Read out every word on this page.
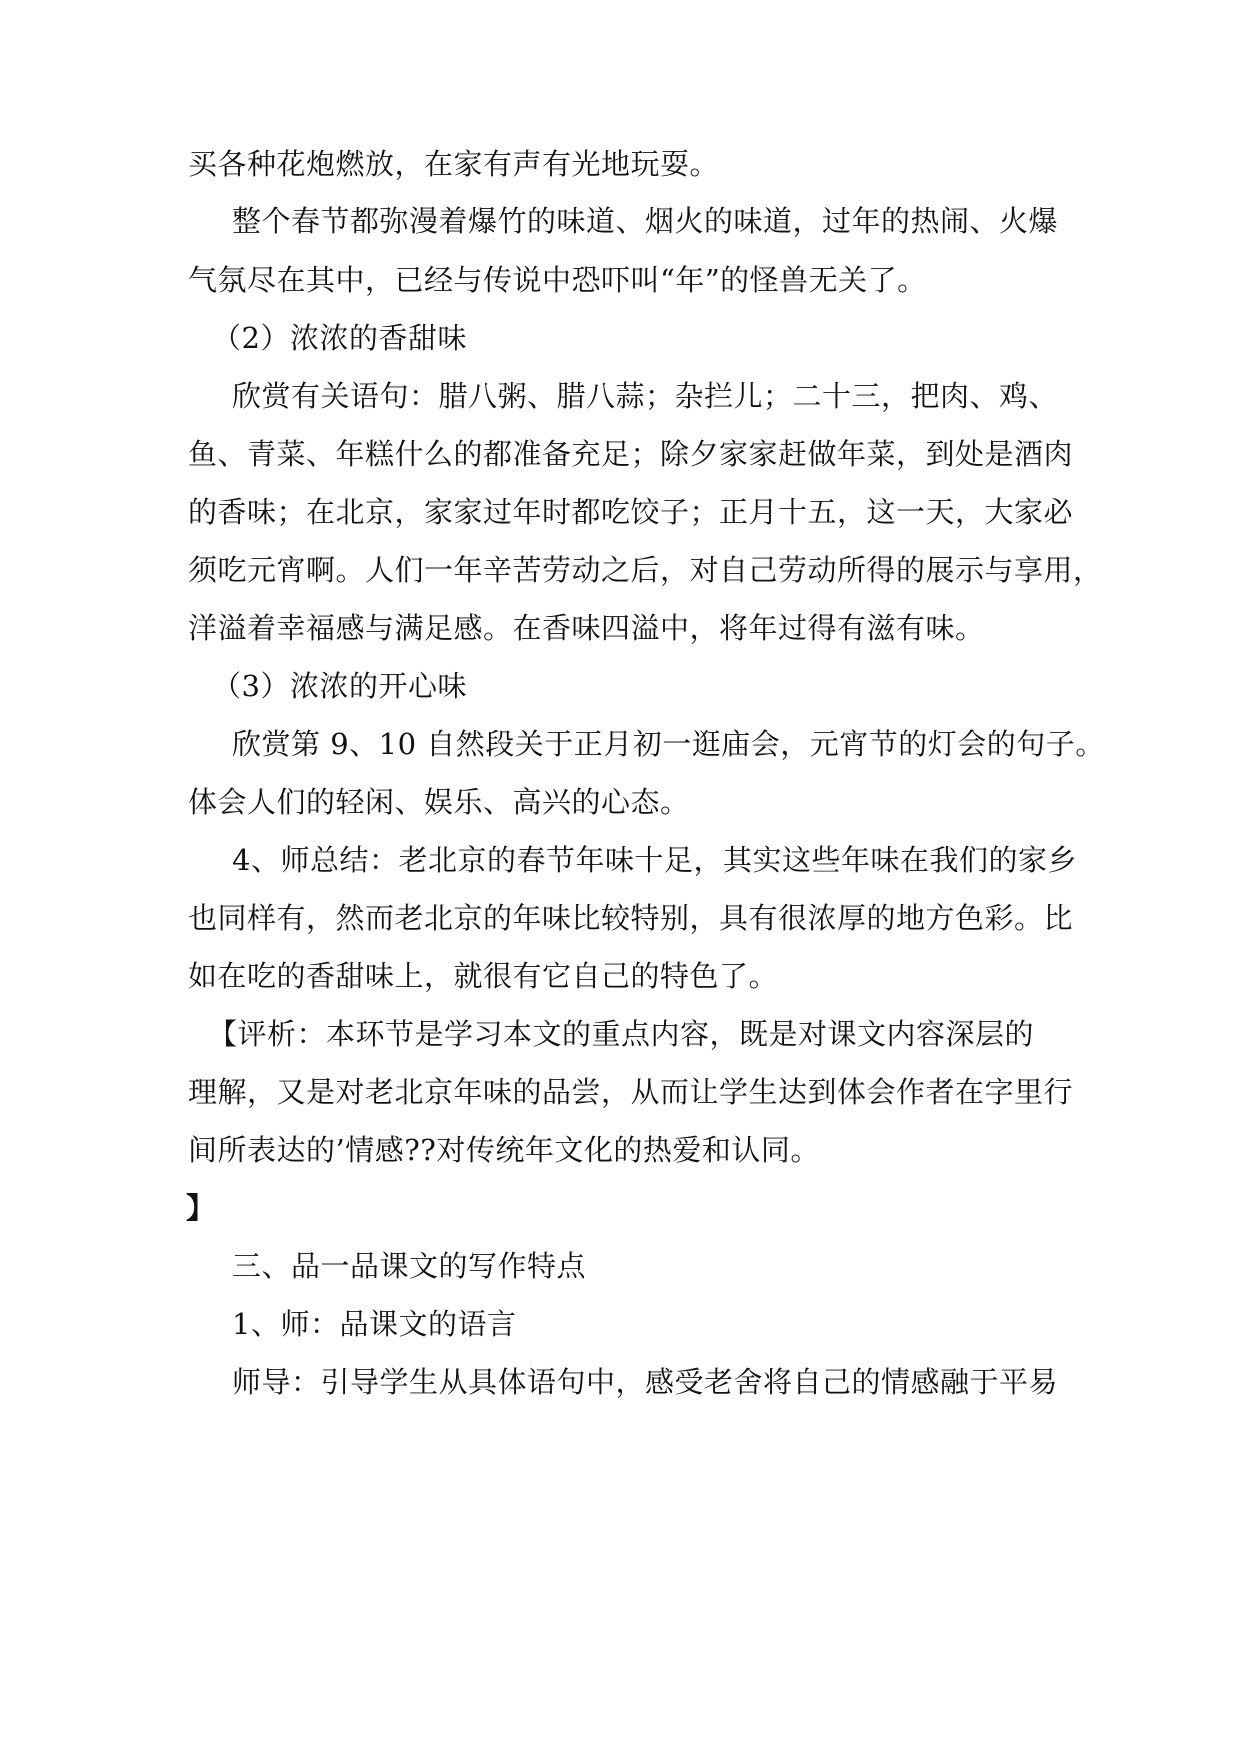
买各种花炮燃放，在家有声有光地玩耍。
整个春节都弥漫着爆竹的味道、烟火的味道，过年的热闹、火爆
气氛尽在其中，已经与传说中恐吓叫“年”的怪兽无关了。
（2）浓浓的香甜味
欣赏有关语句：腊八粥、腊八蒜；杂拦儿；二十三，把肉、鸡、
鱼、青菜、年糕什么的都准备充足；除夕家家赶做年菜，到处是酒肉
的香味；在北京，家家过年时都吃饺子；正月十五，这一天，大家必
须吃元宵啊。人们一年辛苦劳动之后，对自己劳动所得的展示与享用，
洋溢着幸福感与满足感。在香味四溢中，将年过得有滋有味。
（3）浓浓的开心味
欣赏第 9、10 自然段关于正月初一逛庙会，元宵节的灯会的句子。
体会人们的轻闲、娱乐、高兴的心态。
4、师总结：老北京的春节年味十足，其实这些年味在我们的家乡
也同样有，然而老北京的年味比较特别，具有很浓厚的地方色彩。比
如在吃的香甜味上，就很有它自己的特色了。
【评析：本环节是学习本文的重点内容，既是对课文内容深层的
理解，又是对老北京年味的品尝，从而让学生达到体会作者在字里行
间所表达的’情感??对传统年文化的热爱和认同。
】
三、品一品课文的写作特点
1、师：品课文的语言
师导：引导学生从具体语句中，感受老舍将自己的情感融于平易
